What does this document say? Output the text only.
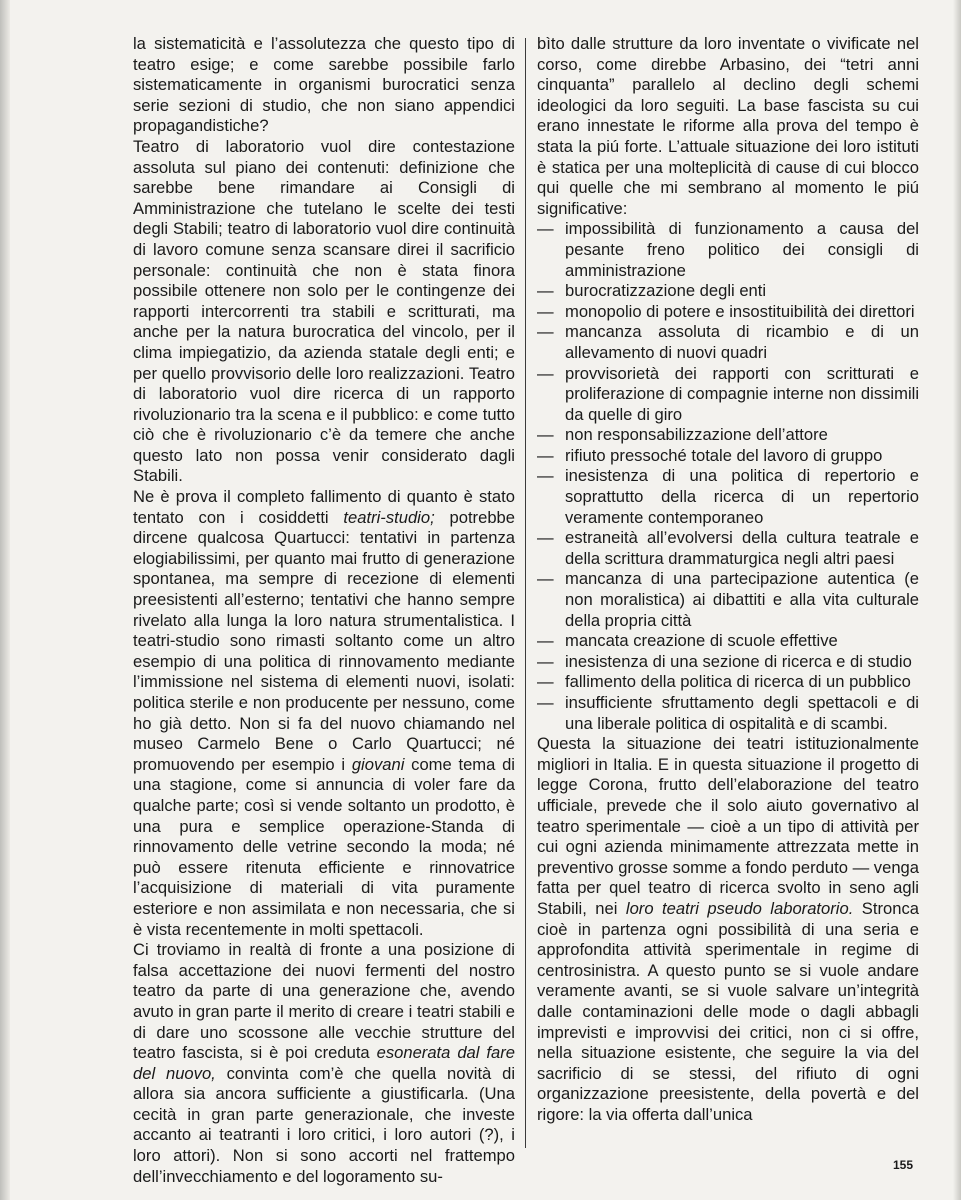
la sistematicità e l’assolutezza che questo tipo di teatro esige; e come sarebbe possibile farlo sistematicamente in organismi burocratici senza serie sezioni di studio, che non siano appendici propagandistiche?

Teatro di laboratorio vuol dire contestazione assoluta sul piano dei contenuti: definizione che sarebbe bene rimandare ai Consigli di Amministrazione che tutelano le scelte dei testi degli Stabili; teatro di laboratorio vuol dire continuità di lavoro comune senza scansare direi il sacrificio personale: continuità che non è stata finora possibile ottenere non solo per le contingenze dei rapporti intercorrenti tra stabili e scritturati, ma anche per la natura burocratica del vincolo, per il clima impiegatizio, da azienda statale degli enti; e per quello provvisorio delle loro realizzazioni. Teatro di laboratorio vuol dire ricerca di un rapporto rivoluzionario tra la scena e il pubblico: e come tutto ciò che è rivoluzionario c’è da temere che anche questo lato non possa venir considerato dagli Stabili.

Ne è prova il completo fallimento di quanto è stato tentato con i cosiddetti teatri-studio; potrebbe dircene qualcosa Quartucci: tentativi in partenza elogiabilissimi, per quanto mai frutto di generazione spontanea, ma sempre di recezione di elementi preesistenti all’esterno; tentativi che hanno sempre rivelato alla lunga la loro natura strumentalistica. I teatri-studio sono rimasti soltanto come un altro esempio di una politica di rinnovamento mediante l’immissione nel sistema di elementi nuovi, isolati: politica sterile e non producente per nessuno, come ho già detto. Non si fa del nuovo chiamando nel museo Carmelo Bene o Carlo Quartucci; né promuovendo per esempio i giovani come tema di una stagione, come si annuncia di voler fare da qualche parte; così si vende soltanto un prodotto, è una pura e semplice operazione-Standa di rinnovamento delle vetrine secondo la moda; né può essere ritenuta efficiente e rinnovatrice l’acquisizione di materiali di vita puramente esteriore e non assimilata e non necessaria, che si è vista recentemente in molti spettacoli.

Ci troviamo in realtà di fronte a una posizione di falsa accettazione dei nuovi fermenti del nostro teatro da parte di una generazione che, avendo avuto in gran parte il merito di creare i teatri stabili e di dare uno scossone alle vecchie strutture del teatro fascista, si è poi creduta esonerata dal fare del nuovo, convinta com’è che quella novità di allora sia ancora sufficiente a giustificarla. (Una cecità in gran parte generazionale, che investe accanto ai teatranti i loro critici, i loro autori (?), i loro attori). Non si sono accorti nel frattempo dell’invecchiamento e del logoramento su-

bìto dalle strutture da loro inventate o vivificate nel corso, come direbbe Arbasino, dei “tetri anni cinquanta” parallelo al declino degli schemi ideologici da loro seguiti. La base fascista su cui erano innestate le riforme alla prova del tempo è stata la piú forte. L’attuale situazione dei loro istituti è statica per una molteplicità di cause di cui blocco qui quelle che mi sembrano al momento le piú significative:

— impossibilità di funzionamento a causa del pesante freno politico dei consigli di amministrazione
— burocratizzazione degli enti
— monopolio di potere e insostituibilità dei direttori
— mancanza assoluta di ricambio e di un allevamento di nuovi quadri
— provvisorietà dei rapporti con scritturati e proliferazione di compagnie interne non dissimili da quelle di giro
— non responsabilizzazione dell’attore
— rifiuto pressoché totale del lavoro di gruppo
— inesistenza di una politica di repertorio e soprattutto della ricerca di un repertorio veramente contemporaneo
— estraneità all’evolversi della cultura teatrale e della scrittura drammaturgica negli altri paesi
— mancanza di una partecipazione autentica (e non moralistica) ai dibattiti e alla vita culturale della propria città
— mancata creazione di scuole effettive
— inesistenza di una sezione di ricerca e di studio
— fallimento della politica di ricerca di un pubblico
— insufficiente sfruttamento degli spettacoli e di una liberale politica di ospitalità e di scambi.

Questa la situazione dei teatri istituzionalmente migliori in Italia. E in questa situazione il progetto di legge Corona, frutto dell’elaborazione del teatro ufficiale, prevede che il solo aiuto governativo al teatro sperimentale — cioè a un tipo di attività per cui ogni azienda minimamente attrezzata mette in preventivo grosse somme a fondo perduto — venga fatta per quel teatro di ricerca svolto in seno agli Stabili, nei loro teatri pseudo laboratorio. Stronca cioè in partenza ogni possibilità di una seria e approfondita attività sperimentale in regime di centrosinistra. A questo punto se si vuole andare veramente avanti, se si vuole salvare un’integrità dalle contaminazioni delle mode o dagli abbagli imprevisti e improvvisi dei critici, non ci si offre, nella situazione esistente, che seguire la via del sacrificio di se stessi, del rifiuto di ogni organizzazione preesistente, della povertà e del rigore: la via offerta dall’unica

155
